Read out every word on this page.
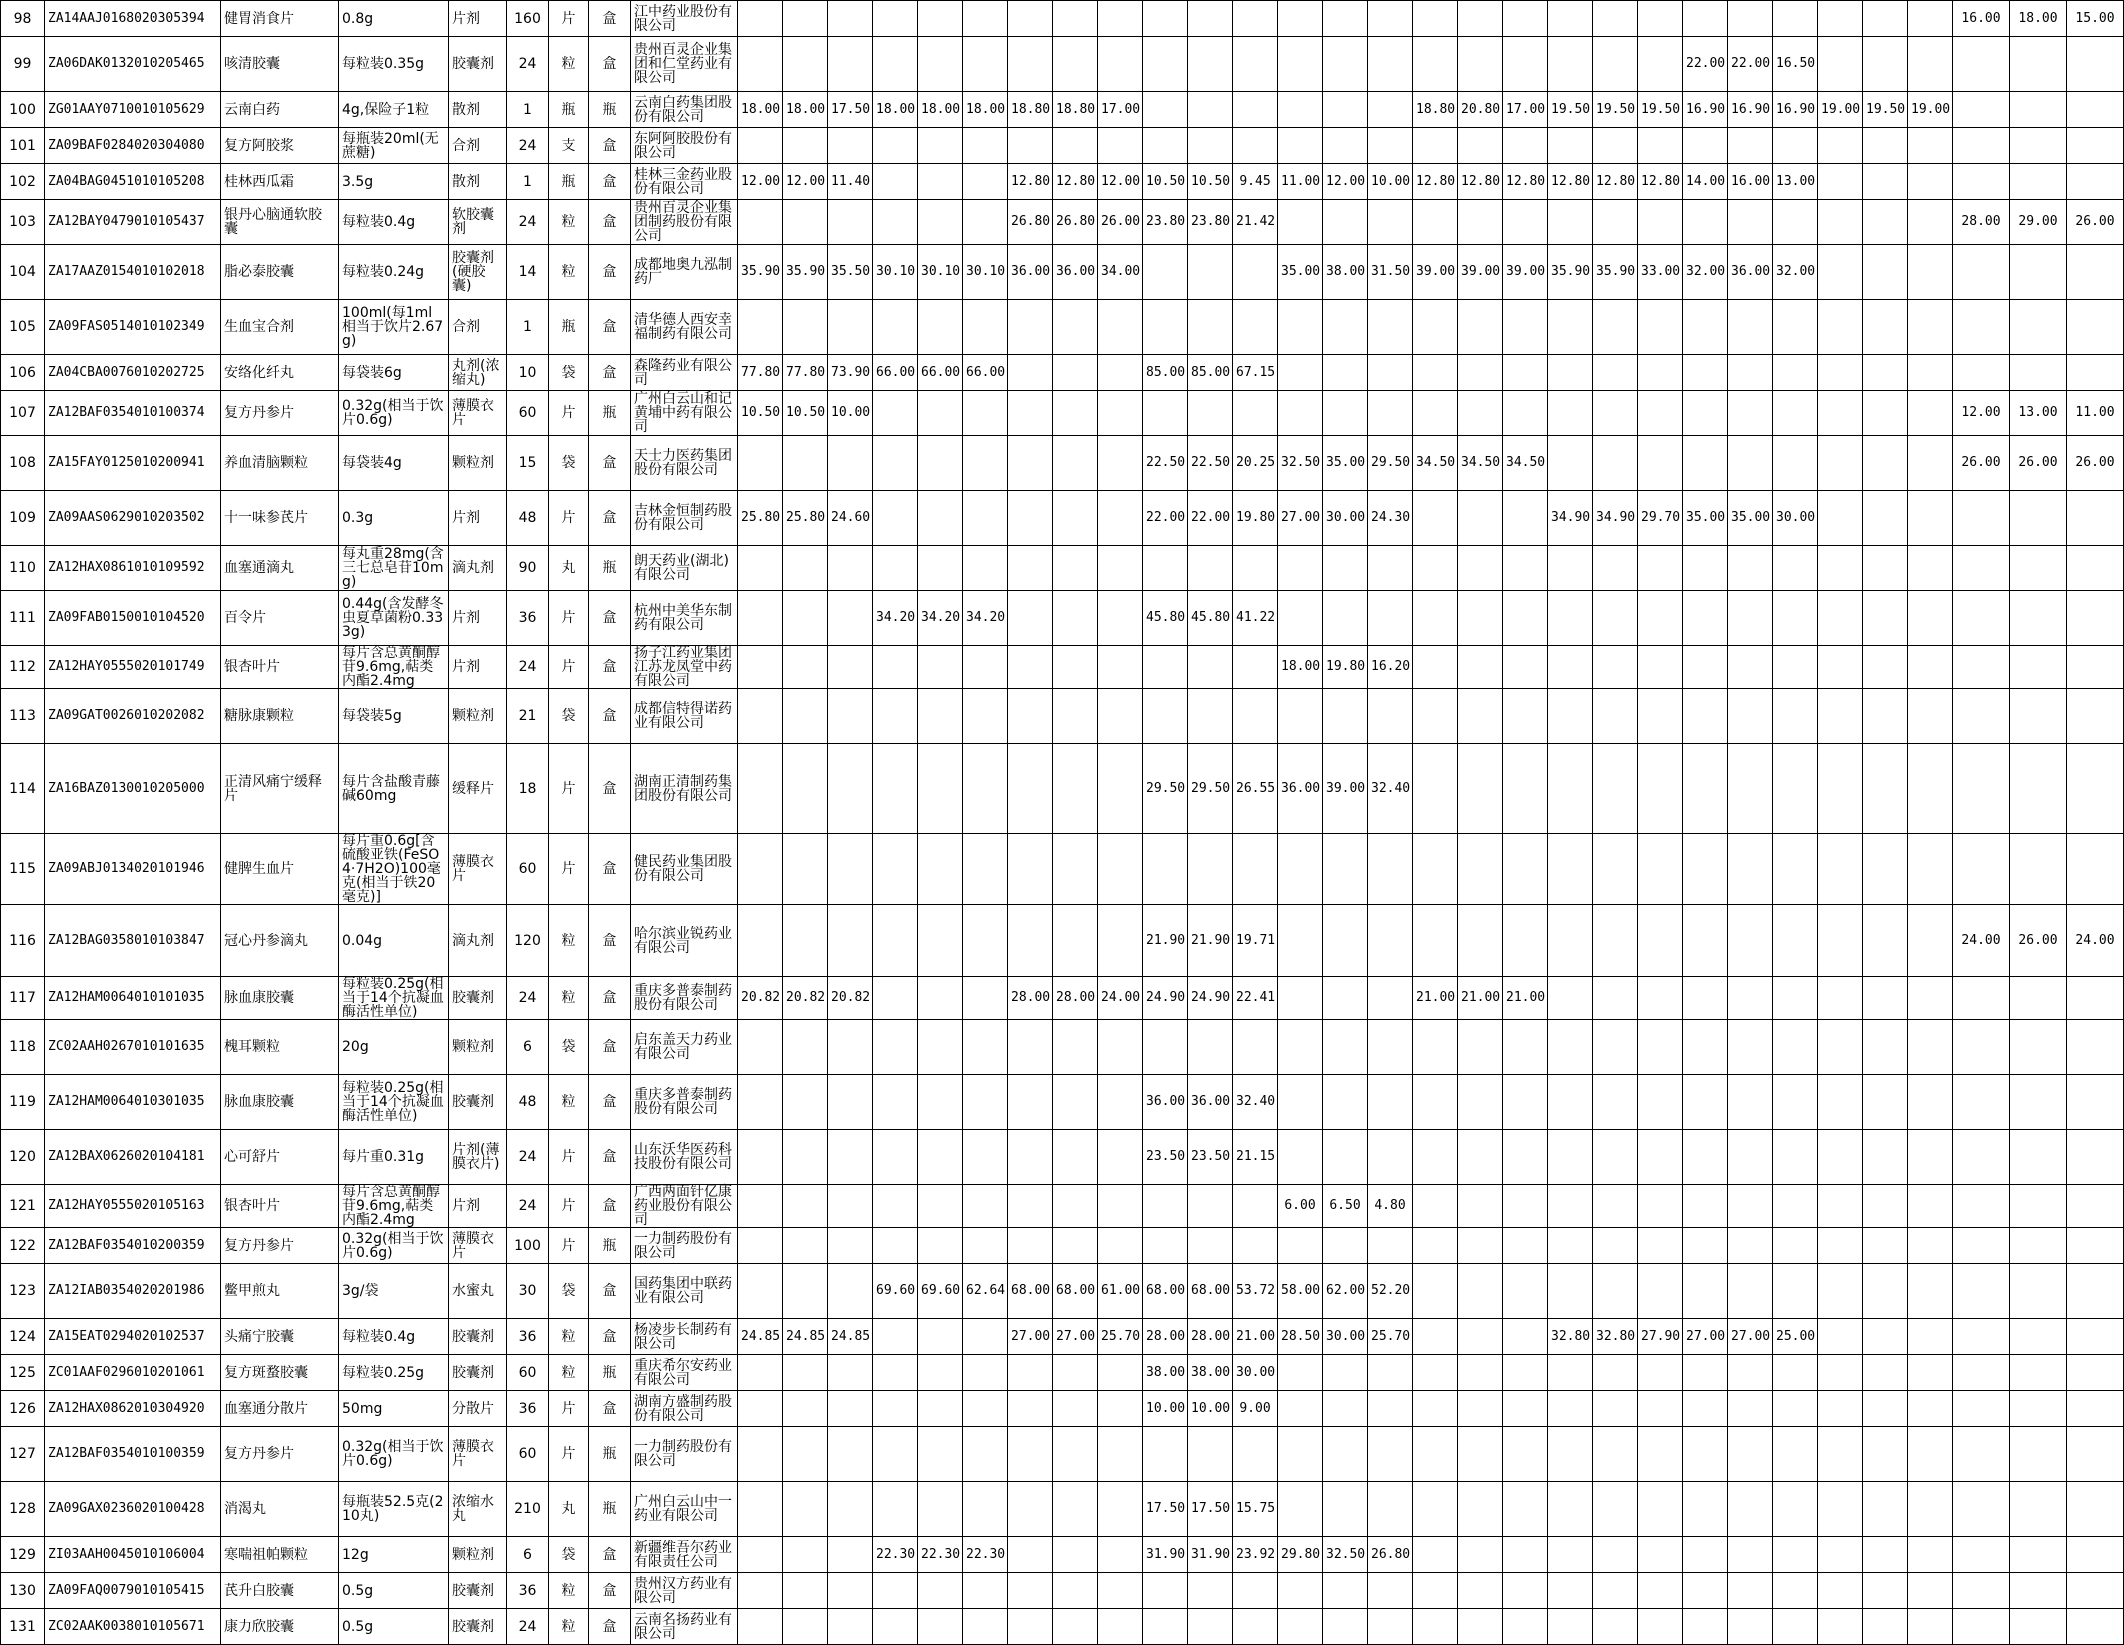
98	ZA14AAJ0168020305394	健胃消食片	0.8g	片剂	160	片	盒	江中药业股份有限公司																												16.00	18.00	15.00
99	ZA06DAK0132010205465	咳清胶囊	每粒装0.35g	胶囊剂	24	粒	盒	贵州百灵企业集团和仁堂药业有限公司																						22.00	22.00	16.50						
100	ZG01AAY0710010105629	云南白药	4g,保险子1粒	散剂	1	瓶	瓶	云南白药集团股份有限公司	18.00	18.00	17.50	18.00	18.00	18.00	18.80	18.80	17.00							18.80	20.80	17.00	19.50	19.50	19.50	16.90	16.90	16.90	19.00	19.50	19.00			
101	ZA09BAF0284020304080	复方阿胶浆	每瓶装20ml(无蔗糖)	合剂	24	支	盒	东阿阿胶股份有限公司																														
102	ZA04BAG0451010105208	桂林西瓜霜	3.5g	散剂	1	瓶	盒	桂林三金药业股份有限公司	12.00	12.00	11.40				12.80	12.80	12.00	10.50	10.50	9.45	11.00	12.00	10.00	12.80	12.80	12.80	12.80	12.80	12.80	14.00	16.00	13.00						
103	ZA12BAY0479010105437	银丹心脑通软胶囊	每粒装0.4g	软胶囊剂	24	粒	盒	贵州百灵企业集团制药股份有限公司							26.80	26.80	26.00	23.80	23.80	21.42																28.00	29.00	26.00
104	ZA17AAZ0154010102018	脂必泰胶囊	每粒装0.24g	胶囊剂(硬胶囊)	14	粒	盒	成都地奥九泓制药厂	35.90	35.90	35.50	30.10	30.10	30.10	36.00	36.00	34.00				35.00	38.00	31.50	39.00	39.00	39.00	35.90	35.90	33.00	32.00	36.00	32.00						
105	ZA09FAS0514010102349	生血宝合剂	100ml(每1ml相当于饮片2.67g)	合剂	1	瓶	盒	清华德人西安幸福制药有限公司																														
106	ZA04CBA0076010202725	安络化纤丸	每袋装6g	丸剂(浓缩丸)	10	袋	盒	森隆药业有限公司	77.80	77.80	73.90	66.00	66.00	66.00				85.00	85.00	67.15																		
107	ZA12BAF0354010100374	复方丹参片	0.32g(相当于饮片0.6g)	薄膜衣片	60	片	瓶	广州白云山和记黄埔中药有限公司	10.50	10.50	10.00																									12.00	13.00	11.00
108	ZA15FAY0125010200941	养血清脑颗粒	每袋装4g	颗粒剂	15	袋	盒	天士力医药集团股份有限公司										22.50	22.50	20.25	32.50	35.00	29.50	34.50	34.50	34.50										26.00	26.00	26.00
109	ZA09AAS0629010203502	十一味参芪片	0.3g	片剂	48	片	盒	吉林金恒制药股份有限公司	25.80	25.80	24.60							22.00	22.00	19.80	27.00	30.00	24.30				34.90	34.90	29.70	35.00	35.00	30.00						
110	ZA12HAX0861010109592	血塞通滴丸	每丸重28mg(含三七总皂苷10mg)	滴丸剂	90	丸	瓶	朗天药业(湖北)有限公司																														
111	ZA09FAB0150010104520	百令片	0.44g(含发酵冬虫夏草菌粉0.333g)	片剂	36	片	盒	杭州中美华东制药有限公司				34.20	34.20	34.20				45.80	45.80	41.22																		
112	ZA12HAY0555020101749	银杏叶片	每片含总黄酮醇苷9.6mg,萜类内酯2.4mg	片剂	24	片	盒	扬子江药业集团江苏龙凤堂中药有限公司													18.00	19.80	16.20															
113	ZA09GAT0026010202082	糖脉康颗粒	每袋装5g	颗粒剂	21	袋	盒	成都信特得诺药业有限公司																														
114	ZA16BAZ0130010205000	正清风痛宁缓释片	每片含盐酸青藤碱60mg	缓释片	18	片	盒	湖南正清制药集团股份有限公司										29.50	29.50	26.55	36.00	39.00	32.40															
115	ZA09ABJ0134020101946	健脾生血片	每片重0.6g[含硫酸亚铁(FeSO4·7H2O)100毫克(相当于铁20毫克)]	薄膜衣片	60	片	盒	健民药业集团股份有限公司																														
116	ZA12BAG0358010103847	冠心丹参滴丸	0.04g	滴丸剂	120	粒	盒	哈尔滨业锐药业有限公司										21.90	21.90	19.71																24.00	26.00	24.00
117	ZA12HAM0064010101035	脉血康胶囊	每粒装0.25g(相当于14个抗凝血酶活性单位)	胶囊剂	24	粒	盒	重庆多普泰制药股份有限公司	20.82	20.82	20.82				28.00	28.00	24.00	24.90	24.90	22.41				21.00	21.00	21.00												
118	ZC02AAH0267010101635	槐耳颗粒	20g	颗粒剂	6	袋	盒	启东盖天力药业有限公司																														
119	ZA12HAM0064010301035	脉血康胶囊	每粒装0.25g(相当于14个抗凝血酶活性单位)	胶囊剂	48	粒	盒	重庆多普泰制药股份有限公司										36.00	36.00	32.40																		
120	ZA12BAX0626020104181	心可舒片	每片重0.31g	片剂(薄膜衣片)	24	片	盒	山东沃华医药科技股份有限公司										23.50	23.50	21.15																		
121	ZA12HAY0555020105163	银杏叶片	每片含总黄酮醇苷9.6mg,萜类内酯2.4mg	片剂	24	片	盒	广西两面针亿康药业股份有限公司													6.00	6.50	4.80															
122	ZA12BAF0354010200359	复方丹参片	0.32g(相当于饮片0.6g)	薄膜衣片	100	片	瓶	一力制药股份有限公司																														
123	ZA12IAB0354020201986	鳖甲煎丸	3g/袋	水蜜丸	30	袋	盒	国药集团中联药业有限公司				69.60	69.60	62.64	68.00	68.00	61.00	68.00	68.00	53.72	58.00	62.00	52.20															
124	ZA15EAT0294020102537	头痛宁胶囊	每粒装0.4g	胶囊剂	36	粒	盒	杨凌步长制药有限公司	24.85	24.85	24.85				27.00	27.00	25.70	28.00	28.00	21.00	28.50	30.00	25.70				32.80	32.80	27.90	27.00	27.00	25.00						
125	ZC01AAF0296010201061	复方斑蝥胶囊	每粒装0.25g	胶囊剂	60	粒	瓶	重庆希尔安药业有限公司										38.00	38.00	30.00																		
126	ZA12HAX0862010304920	血塞通分散片	50mg	分散片	36	片	盒	湖南方盛制药股份有限公司										10.00	10.00	9.00																		
127	ZA12BAF0354010100359	复方丹参片	0.32g(相当于饮片0.6g)	薄膜衣片	60	片	瓶	一力制药股份有限公司																														
128	ZA09GAX0236020100428	消渴丸	每瓶装52.5克(210丸)	浓缩水丸	210	丸	瓶	广州白云山中一药业有限公司										17.50	17.50	15.75																		
129	ZI03AAH0045010106004	寒喘祖帕颗粒	12g	颗粒剂	6	袋	盒	新疆维吾尔药业有限责任公司				22.30	22.30	22.30				31.90	31.90	23.92	29.80	32.50	26.80															
130	ZA09FAQ0079010105415	芪升白胶囊	0.5g	胶囊剂	36	粒	盒	贵州汉方药业有限公司																														
131	ZC02AAK0038010105671	康力欣胶囊	0.5g	胶囊剂	24	粒	盒	云南名扬药业有限公司																														
